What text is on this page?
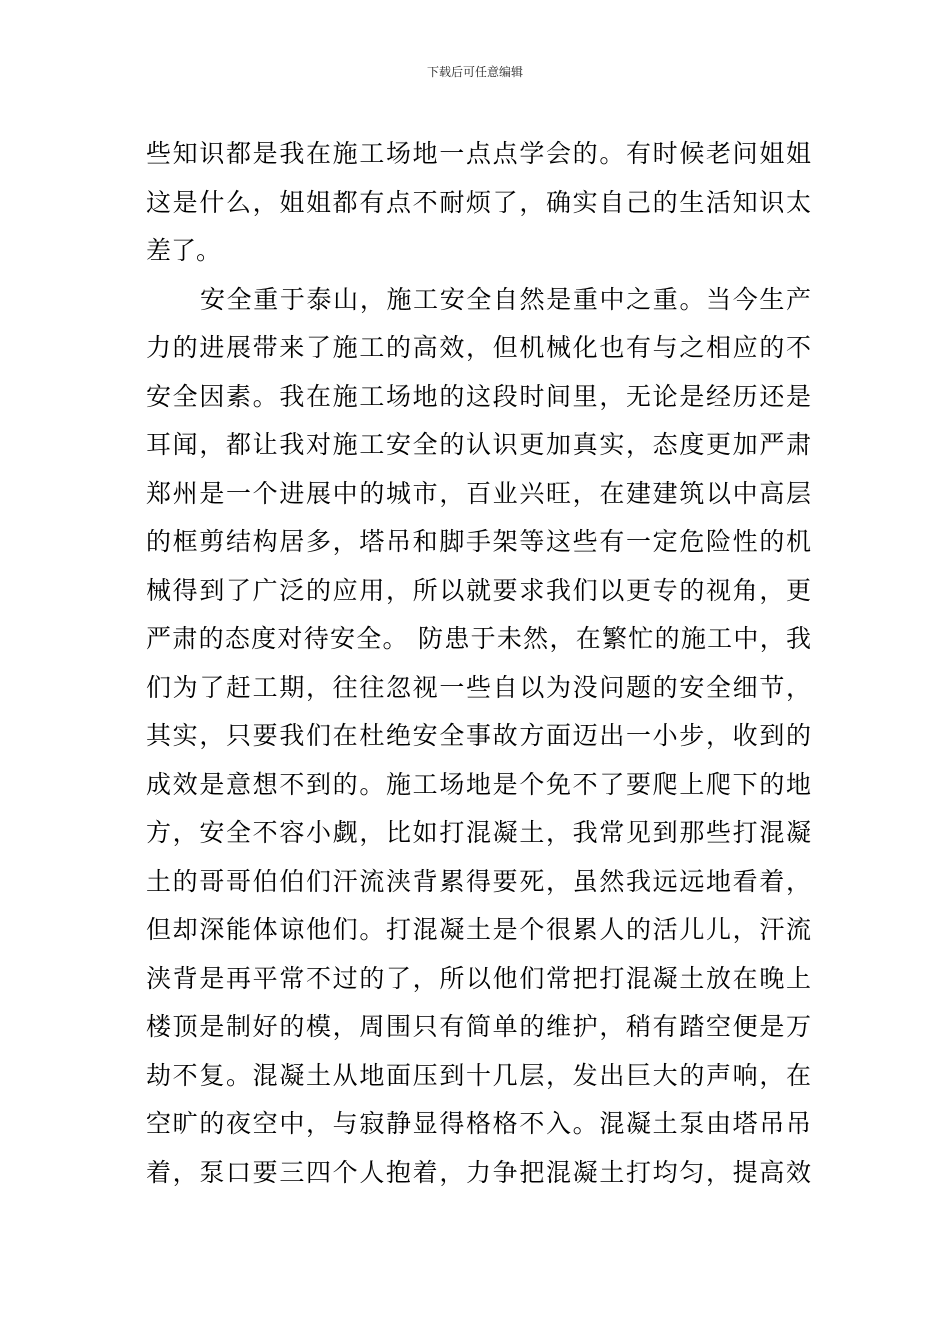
下载后可任意编辑
些知识都是我在施工场地一点点学会的。有时候老问姐姐
这是什么，姐姐都有点不耐烦了，确实自己的生活知识太
差了。
安全重于泰山，施工安全自然是重中之重。当今生产
力的进展带来了施工的高效，但机械化也有与之相应的不
安全因素。我在施工场地的这段时间里，无论是经历还是
耳闻，都让我对施工安全的认识更加真实，态度更加严肃
郑州是一个进展中的城市，百业兴旺，在建建筑以中高层
的框剪结构居多，塔吊和脚手架等这些有一定危险性的机
械得到了广泛的应用，所以就要求我们以更专的视角，更
严肃的态度对待安全。 防患于未然，在繁忙的施工中，我
们为了赶工期，往往忽视一些自以为没问题的安全细节，
其实，只要我们在杜绝安全事故方面迈出一小步，收到的
成效是意想不到的。施工场地是个免不了要爬上爬下的地
方，安全不容小觑，比如打混凝土，我常见到那些打混凝
土的哥哥伯伯们汗流浃背累得要死，虽然我远远地看着，
但却深能体谅他们。打混凝土是个很累人的活儿儿，汗流
浃背是再平常不过的了，所以他们常把打混凝土放在晚上
楼顶是制好的模，周围只有简单的维护，稍有踏空便是万
劫不复。混凝土从地面压到十几层，发出巨大的声响，在
空旷的夜空中，与寂静显得格格不入。混凝土泵由塔吊吊
着，泵口要三四个人抱着，力争把混凝土打均匀，提高效
